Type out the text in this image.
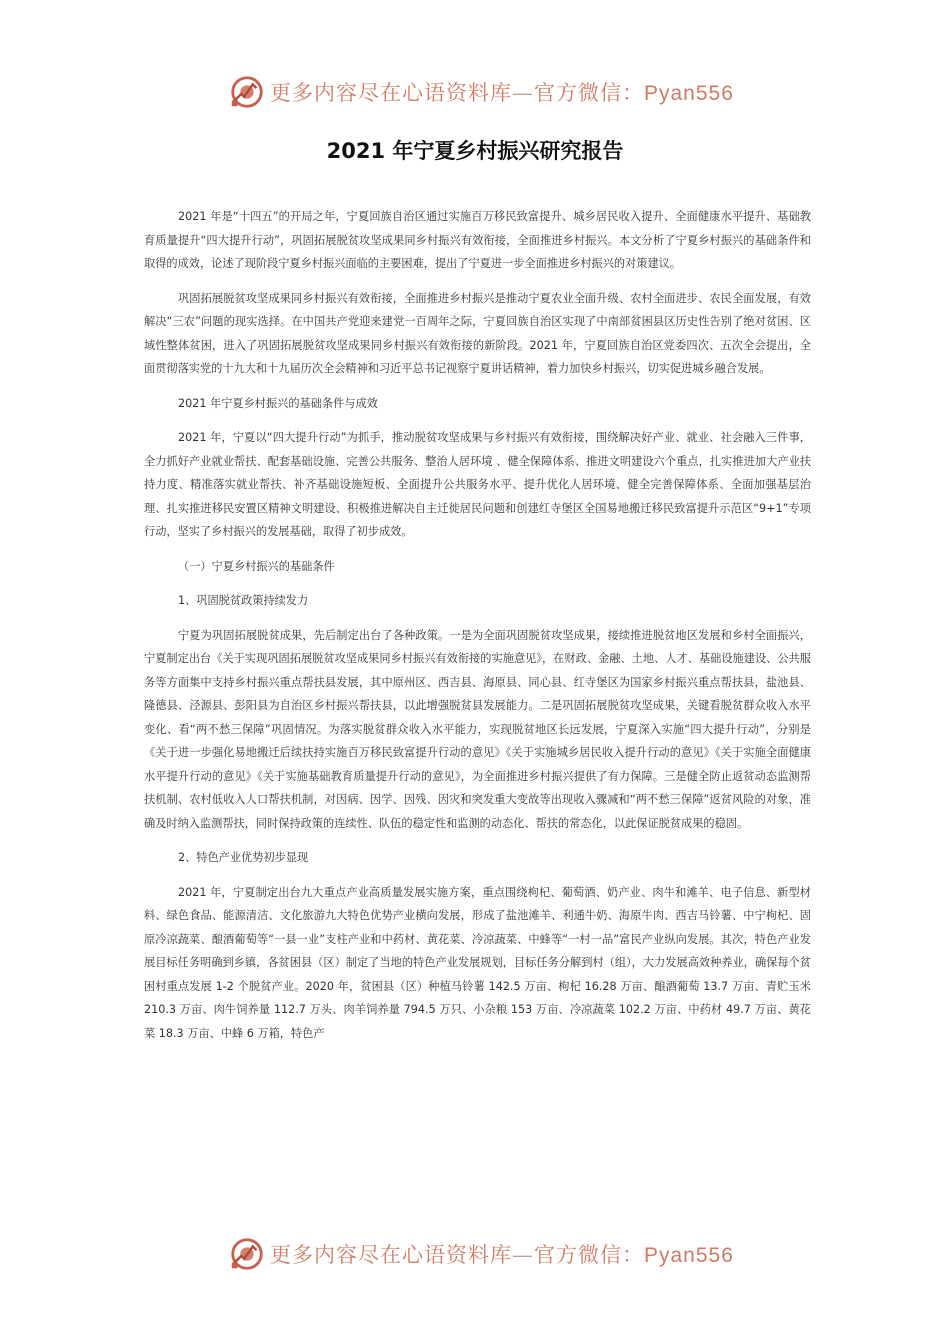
更多内容尽在心语资料库—官方微信：Pyan556
2021 年宁夏乡村振兴研究报告

2021 年是“十四五”的开局之年，宁夏回族自治区通过实施百万移民致富提升、城乡居民收入提升、全面健康水平提升、基础教育质量提升“四大提升行动”，巩固拓展脱贫攻坚成果同乡村振兴有效衔接，全面推进乡村振兴。本文分析了宁夏乡村振兴的基础条件和取得的成效，论述了现阶段宁夏乡村振兴面临的主要困难，提出了宁夏进一步全面推进乡村振兴的对策建议。

巩固拓展脱贫攻坚成果同乡村振兴有效衔接，全面推进乡村振兴是推动宁夏农业全面升级、农村全面进步、农民全面发展，有效解决“三农”问题的现实选择。在中国共产党迎来建党一百周年之际，宁夏回族自治区实现了中南部贫困县区历史性告别了绝对贫困、区域性整体贫困，进入了巩固拓展脱贫攻坚成果同乡村振兴有效衔接的新阶段。2021 年，宁夏回族自治区党委四次、五次全会提出，全面贯彻落实党的十九大和十九届历次全会精神和习近平总书记视察宁夏讲话精神，着力加快乡村振兴，切实促进城乡融合发展。

2021 年宁夏乡村振兴的基础条件与成效

2021 年，宁夏以“四大提升行动”为抓手，推动脱贫攻坚成果与乡村振兴有效衔接，围绕解决好产业、就业、社会融入三件事，全力抓好产业就业帮扶、配套基础设施、完善公共服务、整治人居环境 、健全保障体系、推进文明建设六个重点，扎实推进加大产业扶持力度、精准落实就业帮扶、补齐基础设施短板、全面提升公共服务水平、提升优化人居环境、健全完善保障体系、全面加强基层治理、扎实推进移民安置区精神文明建设、积极推进解决自主迁徙居民问题和创建红寺堡区全国易地搬迁移民致富提升示范区“9+1”专项行动，坚实了乡村振兴的发展基础，取得了初步成效。

（一）宁夏乡村振兴的基础条件

1、巩固脱贫政策持续发力

宁夏为巩固拓展脱贫成果，先后制定出台了各种政策。一是为全面巩固脱贫攻坚成果，接续推进脱贫地区发展和乡村全面振兴，宁夏制定出台《关于实现巩固拓展脱贫攻坚成果同乡村振兴有效衔接的实施意见》，在财政、金融、土地、人才、基础设施建设、公共服务等方面集中支持乡村振兴重点帮扶县发展，其中原州区、西吉县、海原县、同心县、红寺堡区为国家乡村振兴重点帮扶县，盐池县、隆德县、泾源县、彭阳县为自治区乡村振兴帮扶县，以此增强脱贫县发展能力。二是巩固拓展脱贫攻坚成果，关键看脱贫群众收入水平变化、看“两不愁三保障”巩固情况。为落实脱贫群众收入水平能力，实现脱贫地区长远发展，宁夏深入实施“四大提升行动”，分别是《关于进一步强化易地搬迁后续扶持实施百万移民致富提升行动的意见》《关于实施城乡居民收入提升行动的意见》《关于实施全面健康水平提升行动的意见》《关于实施基础教育质量提升行动的意见》，为全面推进乡村振兴提供了有力保障。三是健全防止返贫动态监测帮扶机制、农村低收入人口帮扶机制，对因病、因学、因残、因灾和突发重大变故等出现收入骤减和“两不愁三保障”返贫风险的对象，准确及时纳入监测帮扶，同时保持政策的连续性、队伍的稳定性和监测的动态化、帮扶的常态化，以此保证脱贫成果的稳固。

2、特色产业优势初步显现

2021 年，宁夏制定出台九大重点产业高质量发展实施方案，重点围绕枸杞、葡萄酒、奶产业、肉牛和滩羊、电子信息、新型材料、绿色食品、能源清洁、文化旅游九大特色优势产业横向发展，形成了盐池滩羊、利通牛奶、海原牛肉、西吉马铃薯、中宁枸杞、固原冷凉蔬菜、酿酒葡萄等“一县一业”支柱产业和中药材、黄花菜、冷凉蔬菜、中蜂等“一村一品”富民产业纵向发展。其次，特色产业发展目标任务明确到乡镇，各贫困县（区）制定了当地的特色产业发展规划，目标任务分解到村（组），大力发展高效种养业，确保每个贫困村重点发展 1-2 个脱贫产业。2020 年，贫困县（区）种植马铃薯 142.5 万亩、枸杞 16.28 万亩、酿酒葡萄 13.7 万亩、青贮玉米 210.3 万亩、肉牛饲养量 112.7 万头、肉羊饲养量 794.5 万只、小杂粮 153 万亩、冷凉蔬菜 102.2 万亩、中药材 49.7 万亩、黄花菜 18.3 万亩、中蜂 6 万箱，特色产

更多内容尽在心语资料库—官方微信：Pyan556
